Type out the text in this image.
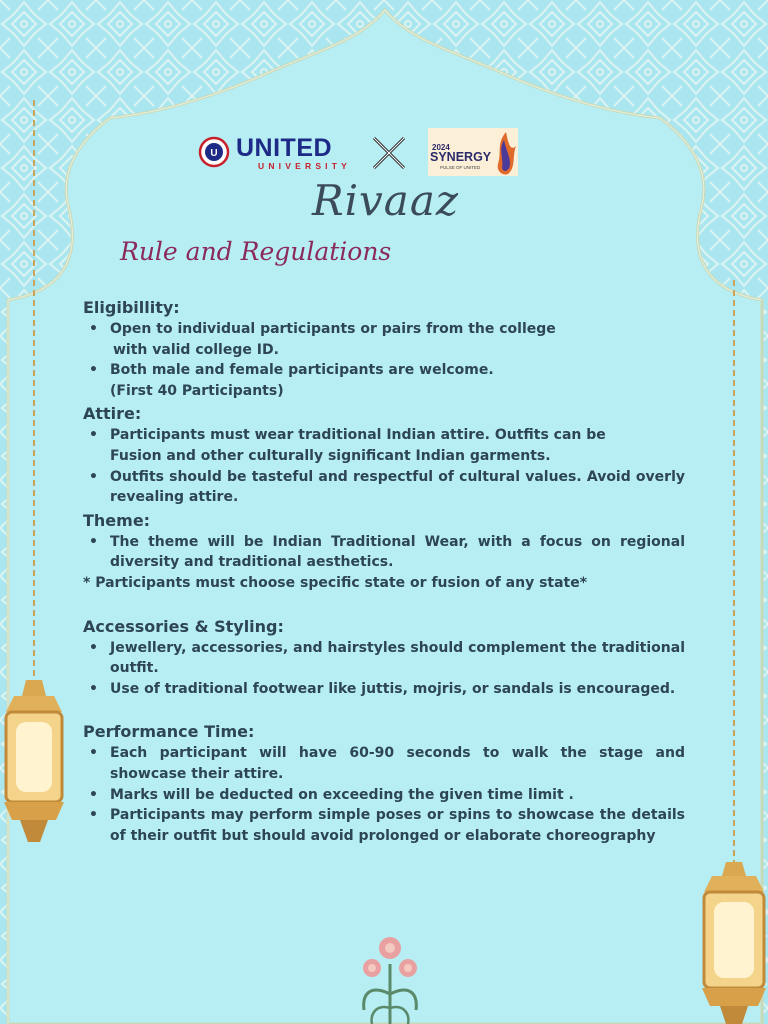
U UNITED
UNIVERSITY
2024
SYNERGY
PULSE OF UNITED
Rivaaz
Rule and Regulations
Eligibillity:
• Open to individual participants or pairs from the college
with valid college ID.
• Both male and female participants are welcome.
(First 40 Participants)
Attire:
• Participants must wear traditional Indian attire. Outfits can be
Fusion and other culturally significant Indian garments.
• Outfits should be tasteful and respectful of cultural values. Avoid overly revealing attire.
Theme:
• The theme will be Indian Traditional Wear, with a focus on regional diversity and traditional aesthetics.
* Participants must choose specific state or fusion of any state*
Accessories & Styling:
• Jewellery, accessories, and hairstyles should complement the traditional outfit.
• Use of traditional footwear like juttis, mojris, or sandals is encouraged.
Performance Time:
• Each participant will have 60-90 seconds to walk the stage and showcase their attire.
• Marks will be deducted on exceeding the given time limit .
• Participants may perform simple poses or spins to showcase the details of their outfit but should avoid prolonged or elaborate choreography
